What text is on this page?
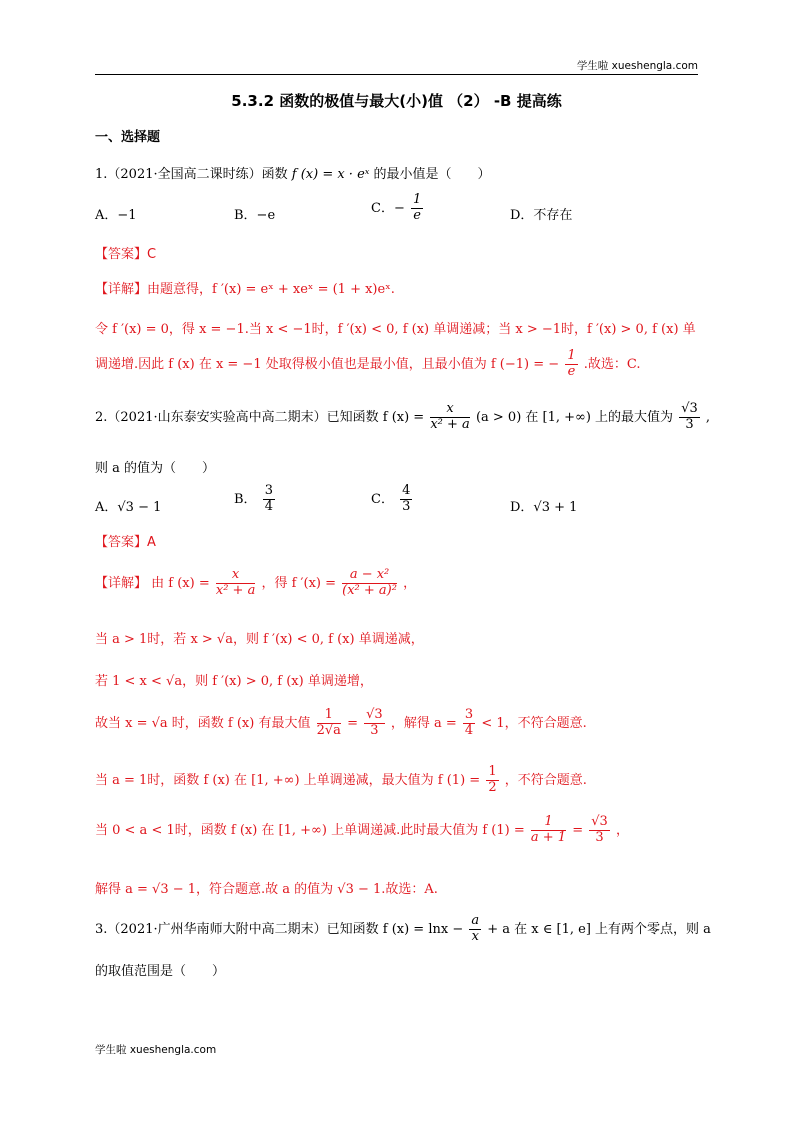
学生啦 xueshengla.com
5.3.2 函数的极值与最大(小)值 （2） -B 提高练
一、选择题
1.（2021·全国高二课时练）函数 f (x) = x · eˣ 的最小值是（　　）
A．−1	B．−e	C．− $\frac{1}{e}$	D．不存在
【答案】C
【详解】由题意得，f ′(x) = eˣ + xeˣ = (1 + x)eˣ.
令 f ′(x) = 0，得 x = −1.当 x < −1时，f ′(x) < 0, f (x) 单调递减；当 x > −1时，f ′(x) > 0, f (x) 单
调递增.因此 f (x) 在 x = −1 处取得极小值也是最小值，且最小值为 f (−1) = − $\frac{1}{e}$ .故选：C.
2.（2021·山东泰安实验高中高二期末）已知函数 f $(x) = \frac{x}{\text{x² + a}} (a > 0)$ 在 [1, +∞) 上的最大值为 $\frac{√3}{3}$ ,
则 a 的值为（　　）
A．√3 − 1
B． $\frac{3}{4}$	C． $\frac{4}{3}$	D．√3 + 1
【答案】A
【详解】 由 f $(x) = \frac{x}{\text{x² + a}}$ ，得 f $'(x) = \frac{\text{a − x²}}{\text{(x² + a)²}}$ ，
当 a > 1时，若 x > √a，则 f ′(x) < 0, f (x) 单调递减，
若 1 < x < √a，则 f ′(x) > 0, f (x) 单调递增，
故当 x = √a 时，函数 f (x) 有最大值 $\frac{1}{2√a} = \frac{√3}{3}$ ，解得 $a = \frac{3}{4} < 1$，不符合题意.
当 a = 1时，函数 f (x) 在 [1, +∞) 上单调递减，最大值为 f $(1) = \frac{1}{2}$ ，不符合题意.
当 0 < a < 1时，函数 f (x) 在 [1, +∞) 上单调递减.此时最大值为 f $(1) = \frac{1}{a + 1} = \frac{√3}{3}$ ，
解得 a = √3 − 1，符合题意.故 a 的值为 √3 − 1.故选：A.
3.（2021·广州华南师大附中高二期末）已知函数 f $(x) = \ln x - \frac{a}{x} + a$ 在 x ∈ [1, e] 上有两个零点，则 a
的取值范围是（　　）
学生啦 xueshengla.com
